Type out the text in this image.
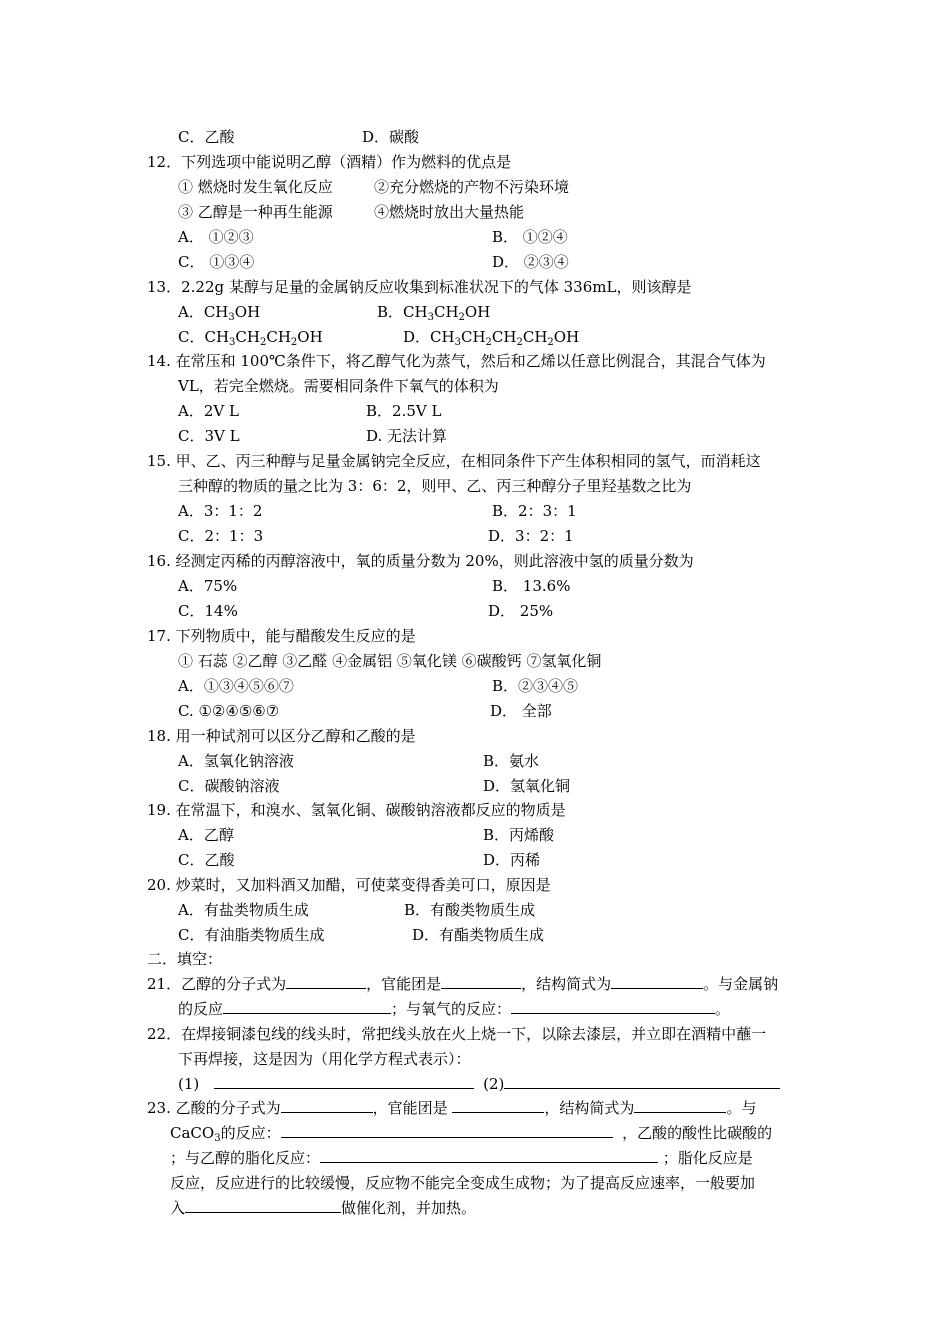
C．乙酸	D．碳酸
12．下列选项中能说明乙醇（酒精）作为燃料的优点是
① 燃烧时发生氧化反应	②充分燃烧的产物不污染环境
③ 乙醇是一种再生能源	④燃烧时放出大量热能
A． ①②③	B． ①②④
C． ①③④	D． ②③④
13．2.22g 某醇与足量的金属钠反应收集到标准状况下的气体 336mL，则该醇是
A．$CH_3OH$	B．$CH_3CH_2OH$
C．$CH_3CH_2CH_2OH$	D．$CH_3CH_2CH_2CH_2OH$
14. 在常压和 100℃条件下，将乙醇气化为蒸气，然后和乙烯以任意比例混合，其混合气体为
VL，若完全燃烧。需要相同条件下氧气的体积为
A．2V L	B．2.5V L
C．3V L	D. 无法计算
15. 甲、乙、丙三种醇与足量金属钠完全反应，在相同条件下产生体积相同的氢气，而消耗这
三种醇的物质的量之比为 3：6：2，则甲、乙、丙三种醇分子里羟基数之比为
A．3：1：2	B．2：3：1
C．2：1：3	D．3：2：1
16. 经测定丙稀的丙醇溶液中，氧的质量分数为 20%，则此溶液中氢的质量分数为
A．75%	B． 13.6%
C．14%	D． 25%
17. 下列物质中，能与醋酸发生反应的是
① 石蕊 ②乙醇 ③乙醛 ④金属铝 ⑤氧化镁 ⑥碳酸钙 ⑦氢氧化铜
A．①③④⑤⑥⑦	B．②③④⑤
C. ①②④⑤⑥⑦	D． 全部
18. 用一种试剂可以区分乙醇和乙酸的是
A．氢氧化钠溶液	B．氨水
C．碳酸钠溶液	D．氢氧化铜
19. 在常温下，和溴水、氢氧化铜、碳酸钠溶液都反应的物质是
A．乙醇	B．丙烯酸
C．乙酸	D．丙稀
20. 炒菜时，又加料酒又加醋，可使菜变得香美可口，原因是
A．有盐类物质生成	B．有酸类物质生成
C．有油脂类物质生成	D．有酯类物质生成
二．填空：
21．乙醇的分子式为	，官能团是	，结构简式为	。与金属钠
的反应	；与氧气的反应：	。
22．在焊接铜漆包线的线头时，常把线头放在火上烧一下，以除去漆层，并立即在酒精中蘸一
下再焊接，这是因为（用化学方程式表示）：
(1)	(2)
23. 乙酸的分子式为	，官能团是	，结构简式为	。与
CaCO$_3$的反应：	，乙酸的酸性比碳酸的
；与乙醇的脂化反应：	；脂化反应是
反应，反应进行的比较缓慢，反应物不能完全变成生成物；为了提高反应速率，一般要加
入	做催化剂，并加热。
